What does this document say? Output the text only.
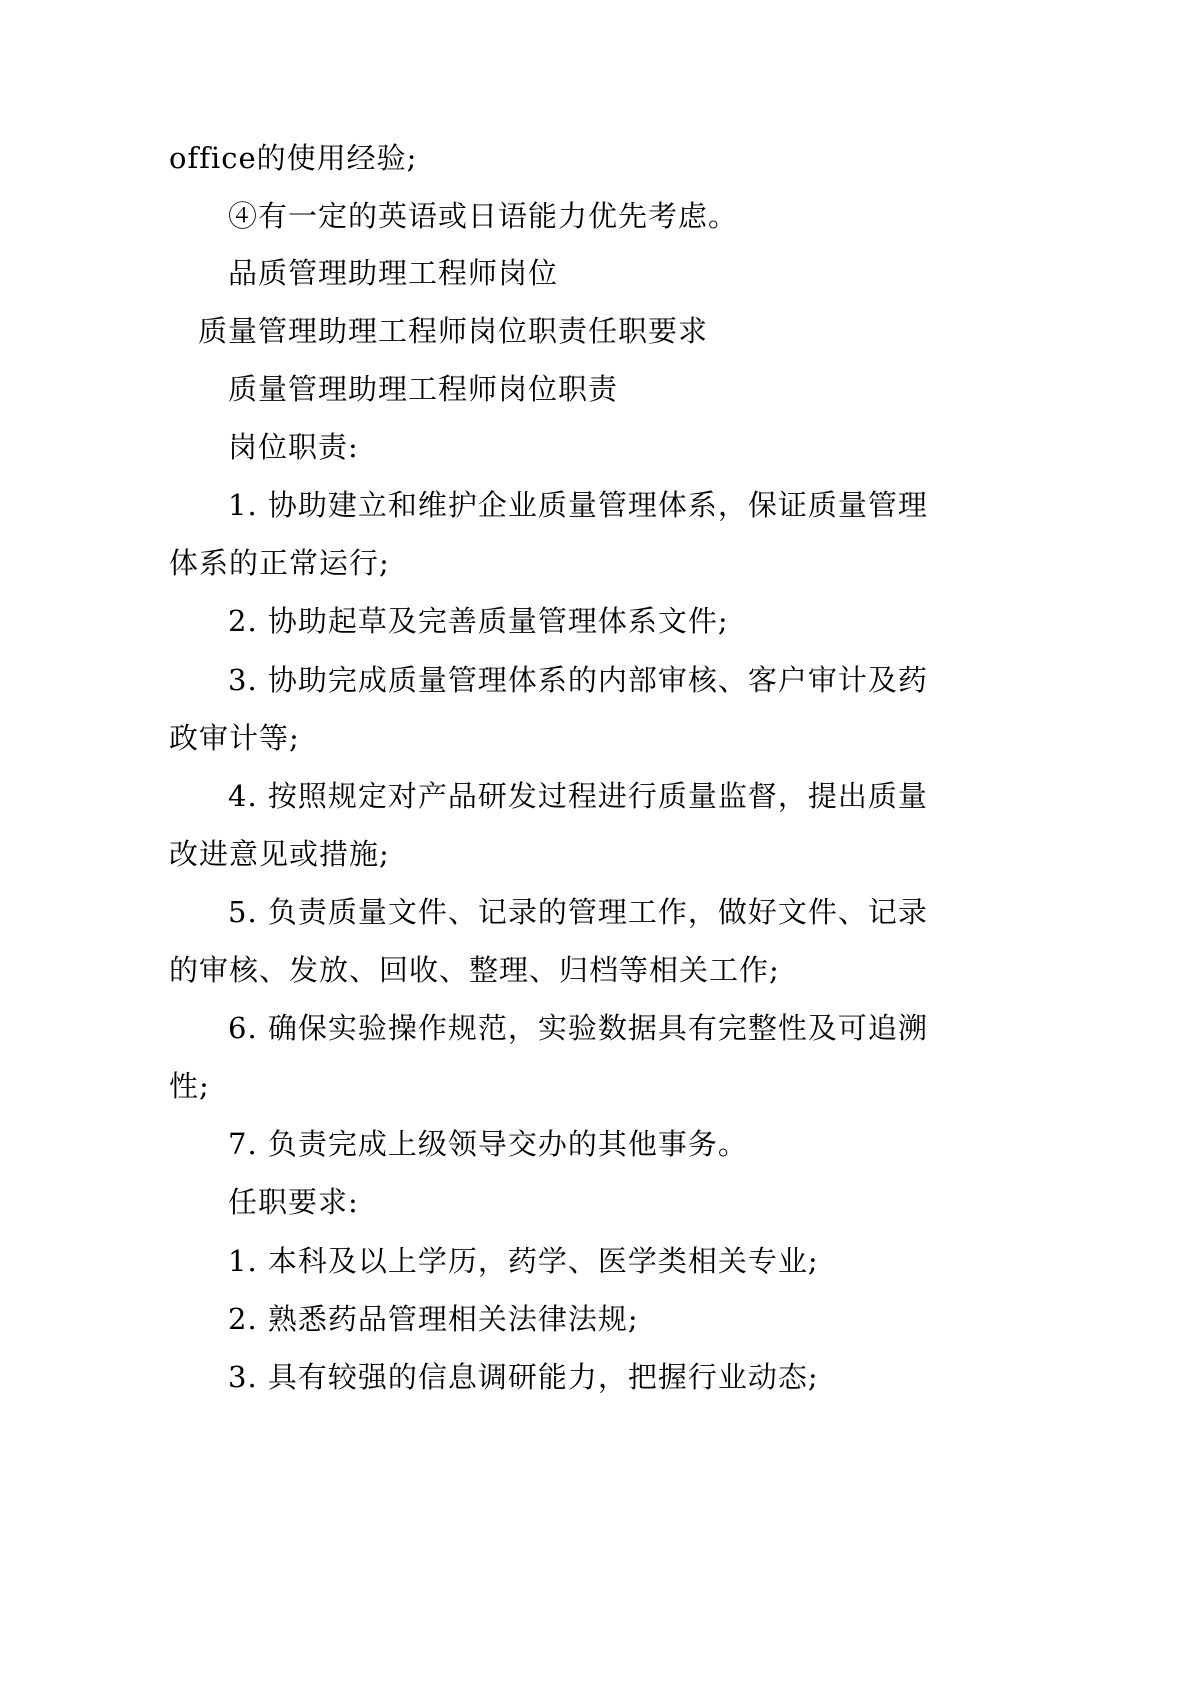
office的使用经验;
④有一定的英语或日语能力优先考虑。
品质管理助理工程师岗位
质量管理助理工程师岗位职责任职要求
质量管理助理工程师岗位职责
岗位职责:
1. 协助建立和维护企业质量管理体系，保证质量管理
体系的正常运行;
2. 协助起草及完善质量管理体系文件;
3. 协助完成质量管理体系的内部审核、客户审计及药
政审计等;
4. 按照规定对产品研发过程进行质量监督，提出质量
改进意见或措施;
5. 负责质量文件、记录的管理工作，做好文件、记录
的审核、发放、回收、整理、归档等相关工作;
6. 确保实验操作规范，实验数据具有完整性及可追溯
性;
7. 负责完成上级领导交办的其他事务。
任职要求:
1. 本科及以上学历，药学、医学类相关专业;
2. 熟悉药品管理相关法律法规;
3. 具有较强的信息调研能力，把握行业动态;
